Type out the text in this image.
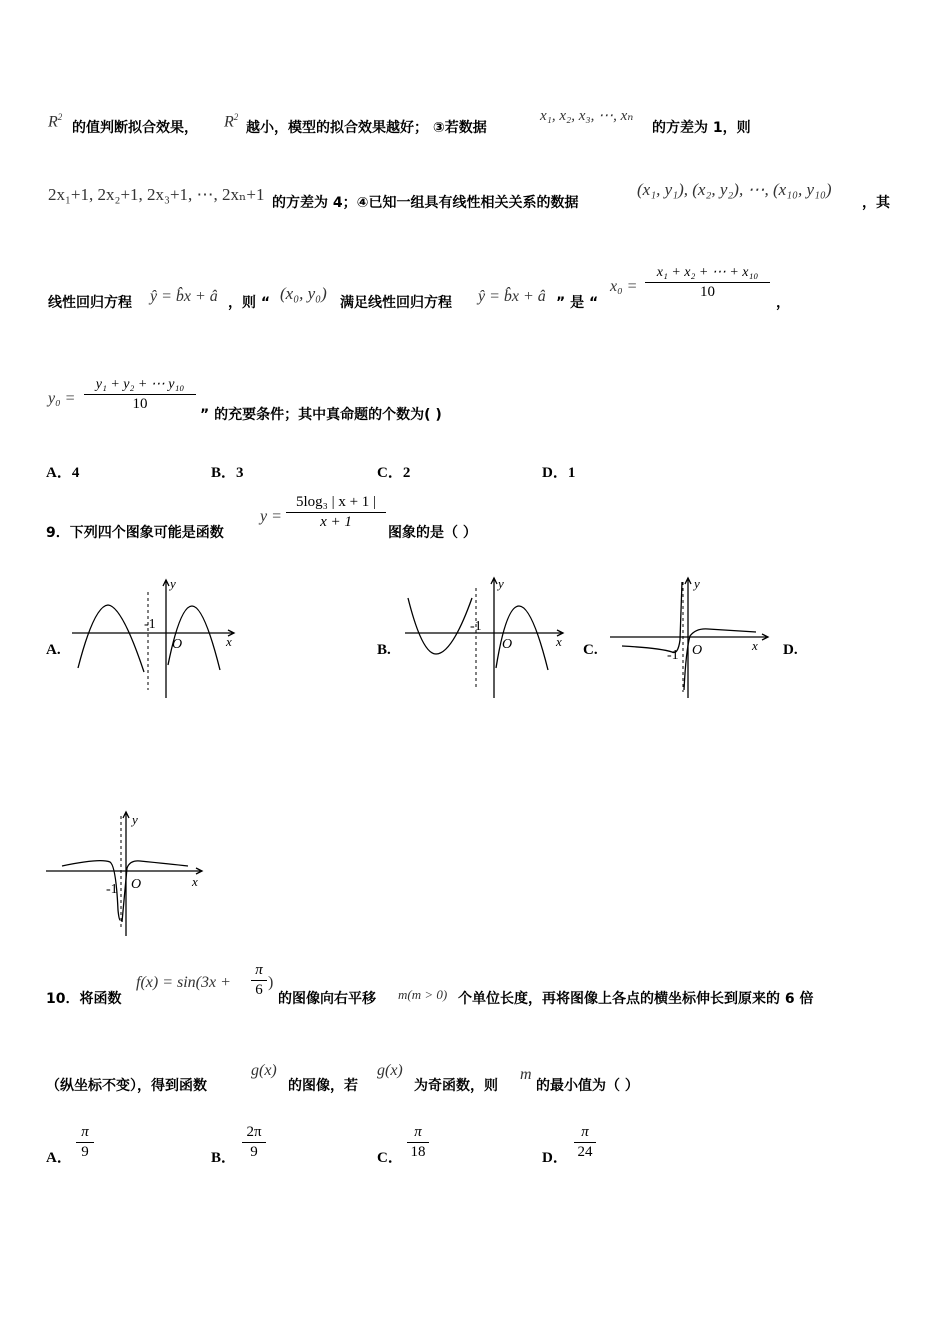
$R^2$
的值判断拟合效果， $R^2$
越小，模型的拟合效果越好； ③若数据
x₁, x₂, x₃, ⋯, xₙ
的方差为 1，则
2x₁+1, 2x₂+1, 2x₃+1, ⋯, 2xₙ+1 的方差为 4；④已知一组具有线性相关关系的数据
(x₁, y₁), (x₂, y₂), ⋯, (x₁₀, y₁₀)
，其
线性回归方程 ŷ = b̂x + â ，则 “ (x₀, y₀) 满足线性回归方程 ŷ = b̂x + â ” 是 “
x₀ =
x₁ + x₂ + ⋯ + x₁₀
10
，
y₀ =
y₁ + y₂ + ⋯ y₁₀
10
” 的充要条件；其中真命题的个数为( )
A．4	B．3	C．2	D．1
9．下列四个图象可能是函数
y =
5log₃ | x + 1 |
x + 1
图象的是（ ）
A.	B.	C.	D.
x
y
O
-1
x
y
O
-1
x
y
O
-1
x
y
O
-1
10．将函数
f(x) = sin(3x +
π
6 )
的图像向右平移 m(m > 0) 个单位长度，再将图像上各点的横坐标伸长到原来的 6 倍
（纵坐标不变），得到函数
g(x)
的图像，若
g(x)
为奇函数，则
m
的最小值为（ ）
A．
π
9	B．
2π
9	C．
π
18	D．
π
24
